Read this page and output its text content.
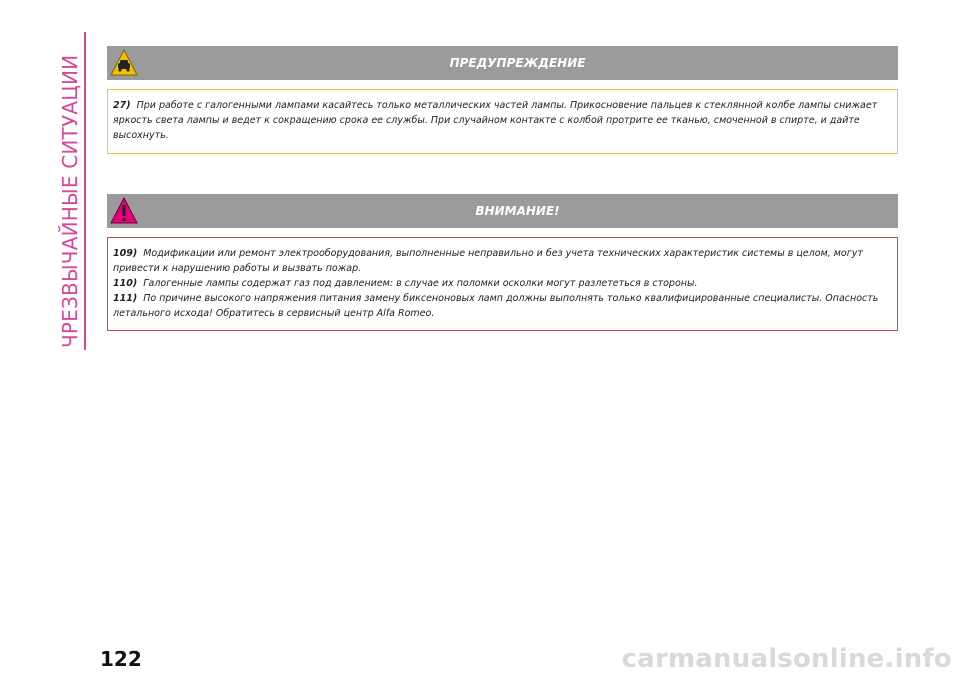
ЧРЕЗВЫЧАЙНЫЕ СИТУАЦИИ	ПРЕДУПРЕЖДЕНИЕ

27) При работе с галогенными лампами касайтесь только металлических частей лампы. Прикосновение пальцев к стеклянной колбе лампы снижает яркость света лампы и ведет к сокращению срока ее службы. При случайном контакте с колбой протрите ее тканью, смоченной в спирте, и дайте высохнуть.

ВНИМАНИЕ!

109) Модификации или ремонт электрооборудования, выполненные неправильно и без учета технических характеристик системы в целом, могут привести к нарушению работы и вызвать пожар.

110) Галогенные лампы содержат газ под давлением: в случае их поломки осколки могут разлететься в стороны.

111) По причине высокого напряжения питания замену биксеноновых ламп должны выполнять только квалифицированные специалисты. Опасность летального исхода! Обратитесь в сервисный центр Alfa Romeo.

122	carmanualsonline.info
